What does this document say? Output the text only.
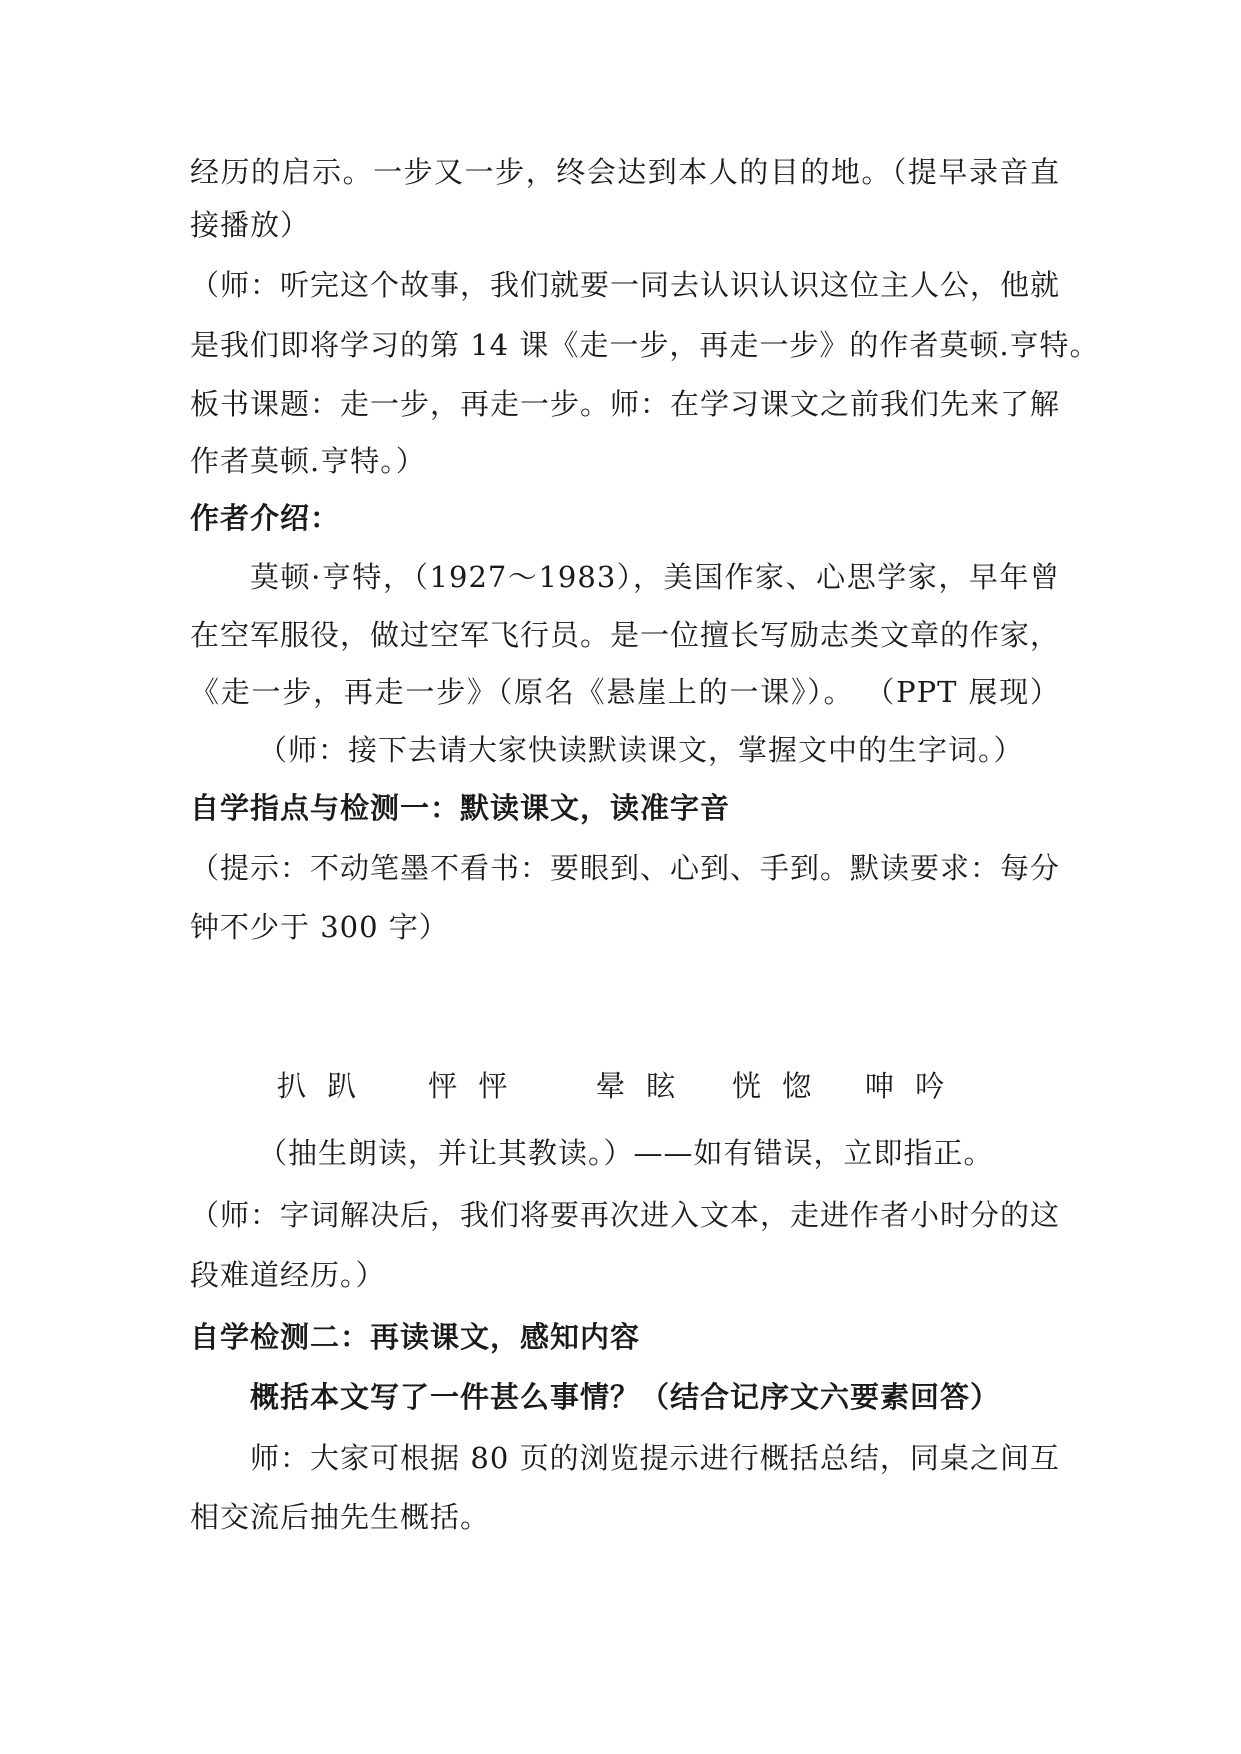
经历的启示。一步又一步，终会达到本人的目的地。（提早录音直
接播放）
（师：听完这个故事，我们就要一同去认识认识这位主人公，他就
是我们即将学习的第 14 课《走一步，再走一步》的作者莫顿.亨特。
板书课题：走一步，再走一步。师：在学习课文之前我们先来了解
作者莫顿.亨特。）
作者介绍：
莫顿·亨特，（1927～1983），美国作家、心思学家，早年曾
在空军服役，做过空军飞行员。是一位擅长写励志类文章的作家，
《走一步，再走一步》（原名《悬崖上的一课》）。 （PPT 展现）
（师：接下去请大家快读默读课文，掌握文中的生字词。）
自学指点与检测一：默读课文，读准字音
（提示：不动笔墨不看书：要眼到、心到、手到。默读要求：每分
钟不少于 300 字）
扒 趴 怦 怦	晕 眩 恍 惚 呻 吟
（抽生朗读，并让其教读。）——如有错误，立即指正。
（师：字词解决后，我们将要再次进入文本，走进作者小时分的这
段难道经历。）
自学检测二：再读课文，感知内容
概括本文写了一件甚么事情？（结合记序文六要素回答）
师：大家可根据 80 页的浏览提示进行概括总结，同桌之间互
相交流后抽先生概括。
